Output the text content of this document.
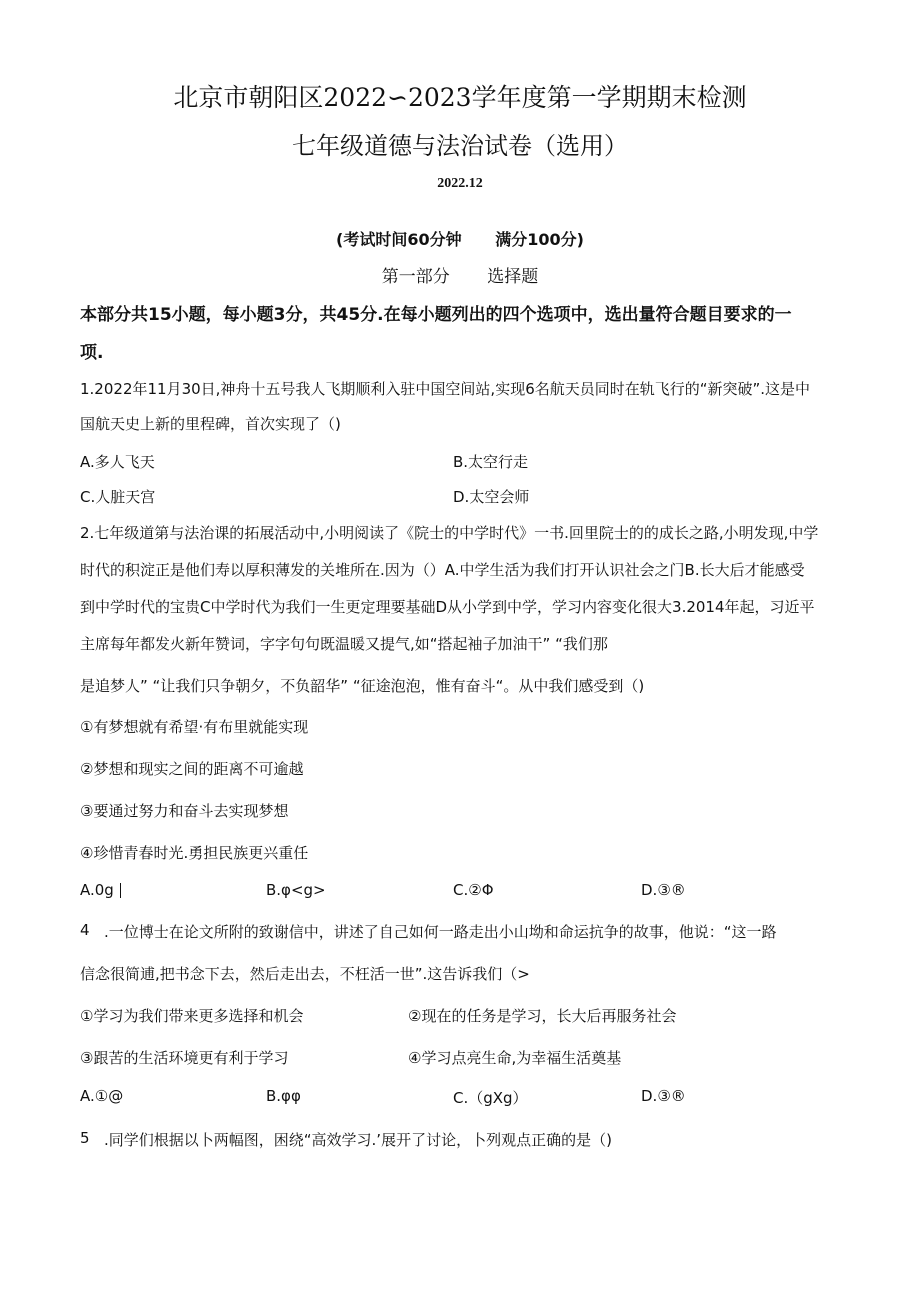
北京市朝阳区2022∽2023学年度第一学期期末检测
七年级道德与法治试卷（选用）
2022.12
(考试时间60分钟 满分100分)
第一部分 选择题
本部分共15小题，每小题3分，共45分.在每小题列出的四个选项中，选出量符合题目要求的一
项.
1.2022年11月30日,神舟十五号我人飞期顺利入驻中国空间站,实现6名航天员同时在轨飞行的“新突破”.这是中
国航天史上新的里程碑，首次实现了（)
A.多人飞天	B.太空行走
C.人脏天宫	D.太空会师
2.七年级道第与法治课的拓展活动中,小明阅读了《院士的中学时代》一书.回里院士的的成长之路,小明发现,中学
时代的积淀正是他们寿以厚积薄发的关堆所在.因为（）A.中学生活为我们打开认识社会之门B.长大后才能感受
到中学时代的宝贵C中学时代为我们一生更定理要基础D从小学到中学，学习内容变化很大3.2014年起，习近平
主席每年都发火新年赞词，字字句句既温暖又提气,如“搭起袖子加油干” “我们那
是追梦人” “让我们只争朝夕，不负韶华” “征途泡泡，惟有奋斗“。从中我们感受到（)
①有梦想就有希望·有布里就能实现
②梦想和现实之间的距离不可逾越
③要通过努力和奋斗去实现梦想
④珍惜青春时光.勇担民族更兴重任
A.0g	B.φ<g>	C.②Φ	D.③®
4 .一位博士在论文所附的致谢信中，讲述了自己如何一路走出小山坳和命运抗争的故事，他说：“这一路
信念很简逋,把书念下去，然后走出去，不枉活一世”.这告诉我们（>
①学习为我们带来更多选择和机会	②现在的任务是学习，长大后再服务社会
③跟苦的生活环境更有利于学习	④学习点亮生命,为幸福生活奠基
A.①@	B.φφ	C.（gXg）	D.③®
5 .同学们根据以卜两幅图，困绕“高效学习.’展开了讨论，卜列观点正确的是（)
